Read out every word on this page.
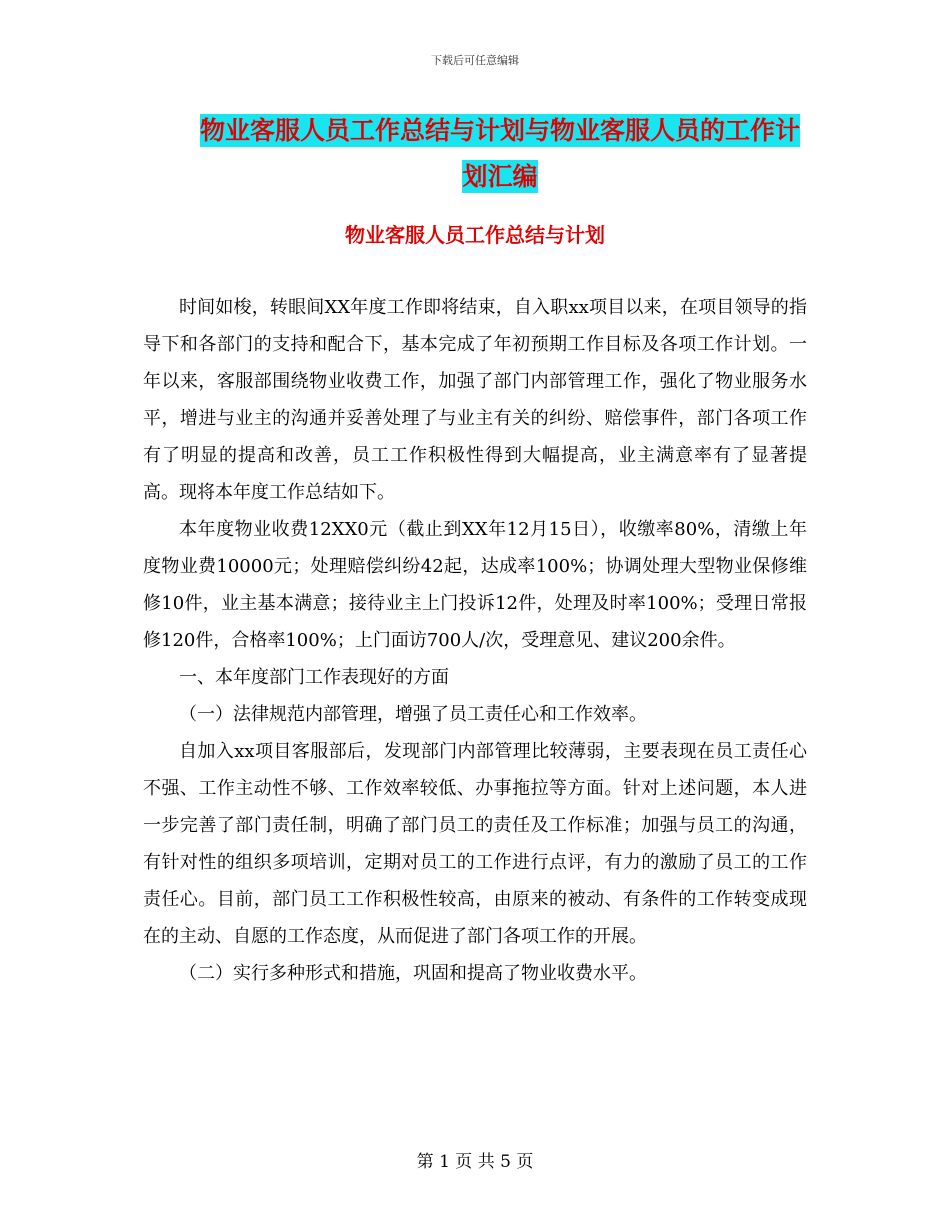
下载后可任意编辑
物业客服人员工作总结与计划与物业客服人员的工作计划汇编
物业客服人员工作总结与计划

时间如梭，转眼间XX年度工作即将结束，自入职xx项目以来，在项目领导的指导下和各部门的支持和配合下，基本完成了年初预期工作目标及各项工作计划。一年以来，客服部围绕物业收费工作，加强了部门内部管理工作，强化了物业服务水平，增进与业主的沟通并妥善处理了与业主有关的纠纷、赔偿事件，部门各项工作有了明显的提高和改善，员工工作积极性得到大幅提高，业主满意率有了显著提高。现将本年度工作总结如下。

本年度物业收费12XX0元（截止到XX年12月15日），收缴率80%，清缴上年度物业费10000元；处理赔偿纠纷42起，达成率100%；协调处理大型物业保修维修10件，业主基本满意；接待业主上门投诉12件，处理及时率100%；受理日常报修120件，合格率100%；上门面访700人/次，受理意见、建议200余件。

一、本年度部门工作表现好的方面

（一）法律规范内部管理，增强了员工责任心和工作效率。

自加入xx项目客服部后，发现部门内部管理比较薄弱，主要表现在员工责任心不强、工作主动性不够、工作效率较低、办事拖拉等方面。针对上述问题，本人进一步完善了部门责任制，明确了部门员工的责任及工作标准；加强与员工的沟通，有针对性的组织多项培训，定期对员工的工作进行点评，有力的激励了员工的工作责任心。目前，部门员工工作积极性较高，由原来的被动、有条件的工作转变成现在的主动、自愿的工作态度，从而促进了部门各项工作的开展。

（二）实行多种形式和措施，巩固和提高了物业收费水平。

第 1 页 共 5 页
